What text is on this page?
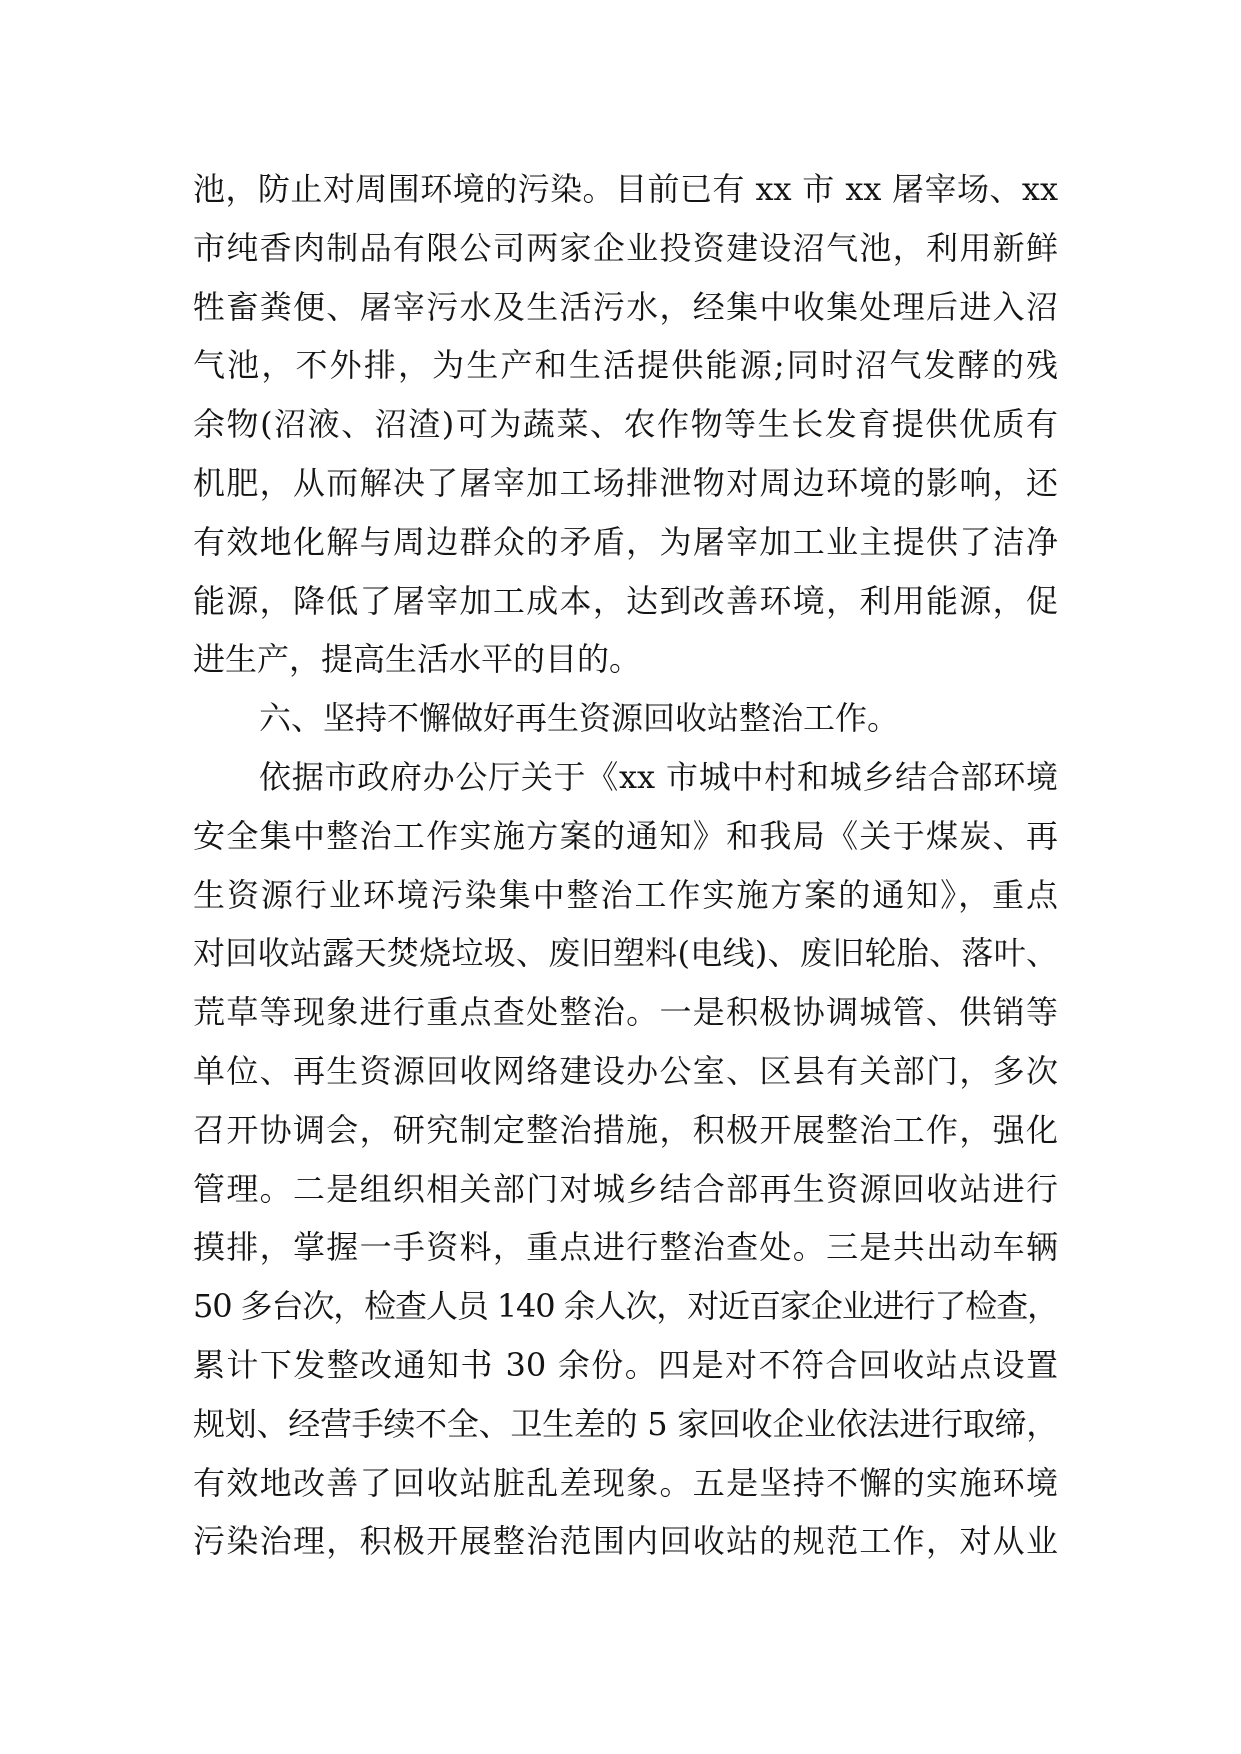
池，防止对周围环境的污染。目前已有 xx 市 xx 屠宰场、xx
市纯香肉制品有限公司两家企业投资建设沼气池，利用新鲜
牲畜粪便、屠宰污水及生活污水，经集中收集处理后进入沼
气池，不外排，为生产和生活提供能源;同时沼气发酵的残
余物(沼液、沼渣)可为蔬菜、农作物等生长发育提供优质有
机肥，从而解决了屠宰加工场排泄物对周边环境的影响，还
有效地化解与周边群众的矛盾，为屠宰加工业主提供了洁净
能源，降低了屠宰加工成本，达到改善环境，利用能源，促
进生产，提高生活水平的目的。
六、坚持不懈做好再生资源回收站整治工作。
依据市政府办公厅关于《xx 市城中村和城乡结合部环境
安全集中整治工作实施方案的通知》和我局《关于煤炭、再
生资源行业环境污染集中整治工作实施方案的通知》，重点
对回收站露天焚烧垃圾、废旧塑料(电线)、废旧轮胎、落叶、
荒草等现象进行重点查处整治。一是积极协调城管、供销等
单位、再生资源回收网络建设办公室、区县有关部门，多次
召开协调会，研究制定整治措施，积极开展整治工作，强化
管理。二是组织相关部门对城乡结合部再生资源回收站进行
摸排，掌握一手资料，重点进行整治查处。三是共出动车辆
50 多台次，检查人员 140 余人次，对近百家企业进行了检查，
累计下发整改通知书 30 余份。四是对不符合回收站点设置
规划、经营手续不全、卫生差的 5 家回收企业依法进行取缔，
有效地改善了回收站脏乱差现象。五是坚持不懈的实施环境
污染治理，积极开展整治范围内回收站的规范工作，对从业
